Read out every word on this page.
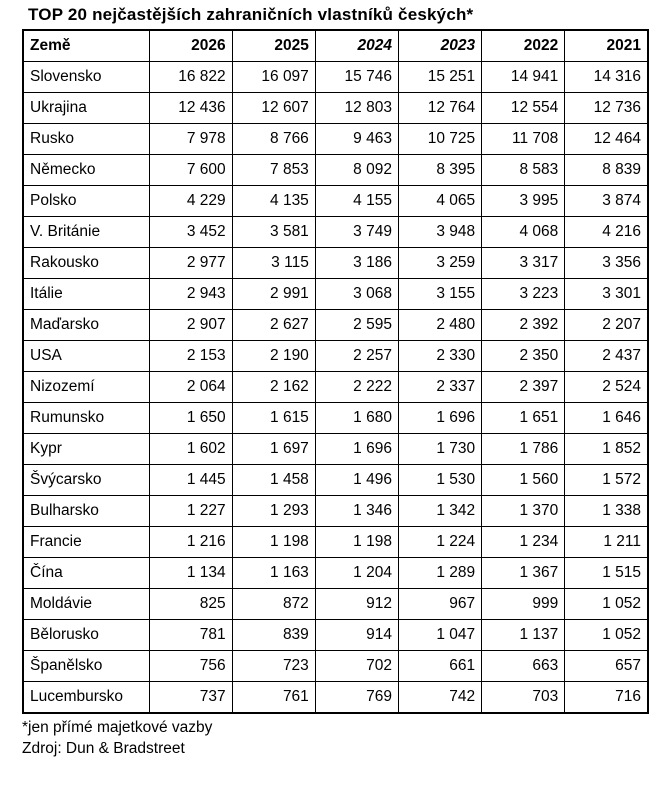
TOP 20 nejčastějších zahraničních vlastníků českých*
Země	2026	2025	2024	2023	2022	2021
Slovensko	16 822	16 097	15 746	15 251	14 941	14 316
Ukrajina	12 436	12 607	12 803	12 764	12 554	12 736
Rusko	7 978	8 766	9 463	10 725	11 708	12 464
Německo	7 600	7 853	8 092	8 395	8 583	8 839
Polsko	4 229	4 135	4 155	4 065	3 995	3 874
V. Británie	3 452	3 581	3 749	3 948	4 068	4 216
Rakousko	2 977	3 115	3 186	3 259	3 317	3 356
Itálie	2 943	2 991	3 068	3 155	3 223	3 301
Maďarsko	2 907	2 627	2 595	2 480	2 392	2 207
USA	2 153	2 190	2 257	2 330	2 350	2 437
Nizozemí	2 064	2 162	2 222	2 337	2 397	2 524
Rumunsko	1 650	1 615	1 680	1 696	1 651	1 646
Kypr	1 602	1 697	1 696	1 730	1 786	1 852
Švýcarsko	1 445	1 458	1 496	1 530	1 560	1 572
Bulharsko	1 227	1 293	1 346	1 342	1 370	1 338
Francie	1 216	1 198	1 198	1 224	1 234	1 211
Čína	1 134	1 163	1 204	1 289	1 367	1 515
Moldávie	825	872	912	967	999	1 052
Bělorusko	781	839	914	1 047	1 137	1 052
Španělsko	756	723	702	661	663	657
Lucembursko	737	761	769	742	703	716
*jen přímé majetkové vazby
Zdroj: Dun & Bradstreet
